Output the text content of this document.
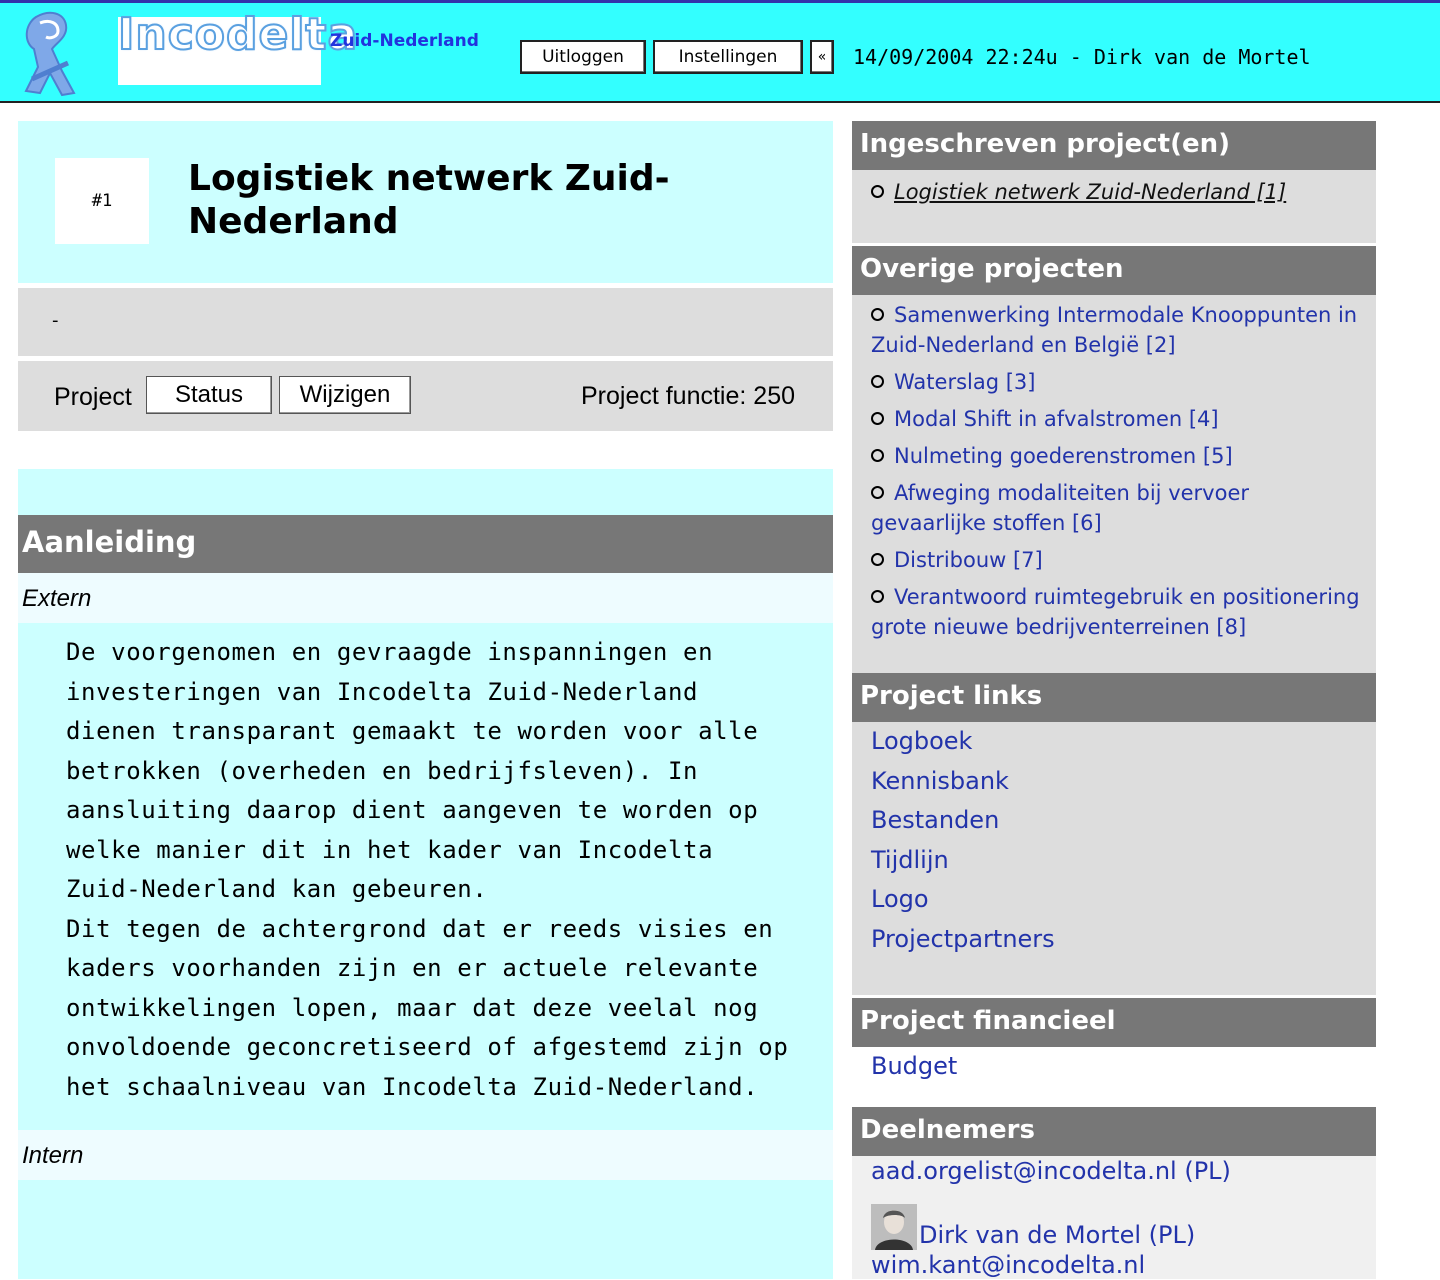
Incodelta
Zuid-Nederland
Uitloggen	Instellingen	«	14/09/2004 22:24u - Dirk van de Mortel
#1
Logistiek netwerk Zuid-Nederland
-
Project	Status	Wijzigen	Project functie: 250
Aanleiding
Extern

De voorgenomen en gevraagde inspanningen en investeringen van Incodelta Zuid-Nederland dienen transparant gemaakt te worden voor alle betrokken (overheden en bedrijfsleven). In aansluiting daarop dient aangeven te worden op welke manier dit in het kader van Incodelta Zuid-Nederland kan gebeuren.
Dit tegen de achtergrond dat er reeds visies en kaders voorhanden zijn en er actuele relevante ontwikkelingen lopen, maar dat deze veelal nog onvoldoende geconcretiseerd of afgestemd zijn op het schaalniveau van Incodelta Zuid-Nederland.

Intern
Ingeschreven project(en)
Logistiek netwerk Zuid-Nederland [1]
Overige projecten
Samenwerking Intermodale Knooppunten in Zuid-Nederland en België [2]
Waterslag [3]
Modal Shift in afvalstromen [4]
Nulmeting goederenstromen [5]
Afweging modaliteiten bij vervoer gevaarlijke stoffen [6]
Distribouw [7]
Verantwoord ruimtegebruik en positionering grote nieuwe bedrijventerreinen [8]
Project links
Logboek
Kennisbank
Bestanden
Tijdlijn
Logo
Projectpartners
Project financieel
Budget
Deelnemers
aad.orgelist@incodelta.nl (PL)
Dirk van de Mortel (PL)
wim.kant@incodelta.nl
